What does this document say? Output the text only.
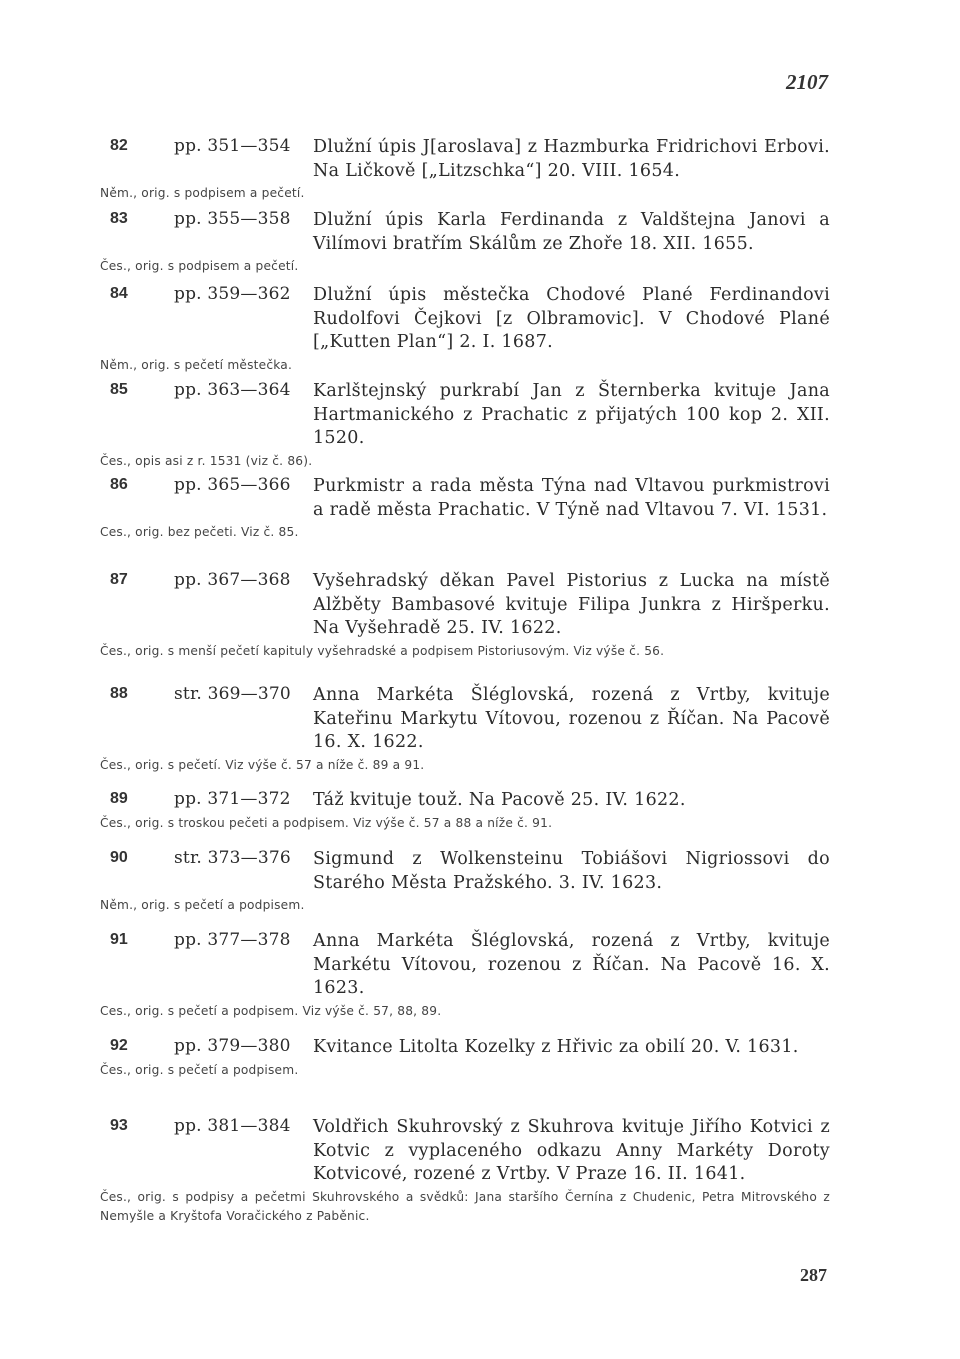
2107
82	pp. 351—354 Dlužní úpis J[aroslava] z Hazmburka Fridrichovi Erbovi. Na Ličkově [„Litzschka“] 20. VIII. 1654.
Něm., orig. s podpisem a pečetí.
83	pp. 355—358 Dlužní úpis Karla Ferdinanda z Valdštejna Janovi a Vilímovi bratřím Skálům ze Zhoře 18. XII. 1655.
Čes., orig. s podpisem a pečetí.
84	pp. 359—362 Dlužní úpis městečka Chodové Plané Ferdinandovi Rudolfovi Čejkovi [z Olbramovic]. V Chodové Plané [„Kutten Plan“] 2. I. 1687.
Něm., orig. s pečetí městečka.
85	pp. 363—364 Karlštejnský purkrabí Jan z Šternberka kvituje Jana Hartmanického z Prachatic z přijatých 100 kop 2. XII. 1520.
Čes., opis asi z r. 1531 (viz č. 86).
86	pp. 365—366 Purkmistr a rada města Týna nad Vltavou purkmistrovi a radě města Prachatic. V Týně nad Vltavou 7. VI. 1531.
Ces., orig. bez pečeti. Viz č. 85.
87	pp. 367—368 Vyšehradský děkan Pavel Pistorius z Lucka na místě Alžběty Bambasové kvituje Filipa Junkra z Hiršperku. Na Vyšehradě 25. IV. 1622.
Čes., orig. s menší pečetí kapituly vyšehradské a podpisem Pistoriusovým. Viz výše č. 56.
88	str. 369—370 Anna Markéta Šléglovská, rozená z Vrtby, kvituje Kateřinu Markytu Vítovou, rozenou z Říčan. Na Pacově 16. X. 1622.
Čes., orig. s pečetí. Viz výše č. 57 a níže č. 89 a 91.
89	pp. 371—372 Táž kvituje touž. Na Pacově 25. IV. 1622.
Čes., orig. s troskou pečeti a podpisem. Viz výše č. 57 a 88 a níže č. 91.
90	str. 373—376 Sigmund z Wolkensteinu Tobiášovi Nigriossovi do Starého Města Pražského. 3. IV. 1623.
Něm., orig. s pečetí a podpisem.
91	pp. 377—378 Anna Markéta Šléglovská, rozená z Vrtby, kvituje Markétu Vítovou, rozenou z Říčan. Na Pacově 16. X. 1623.
Ces., orig. s pečetí a podpisem. Viz výše č. 57, 88, 89.
92	pp. 379—380 Kvitance Litolta Kozelky z Hřivic za obilí 20. V. 1631.
Čes., orig. s pečetí a podpisem.
93	pp. 381—384 Voldřich Skuhrovský z Skuhrova kvituje Jiřího Kotvici z Kotvic z vyplaceného odkazu Anny Markéty Doroty Kotvicové, rozené z Vrtby. V Praze 16. II. 1641.
Čes., orig. s podpisy a pečetmi Skuhrovského a svědků: Jana staršího Černína z Chudenic, Petra Mitrovského z Nemyšle a Kryštofa Voračického z Paběnic.
287
